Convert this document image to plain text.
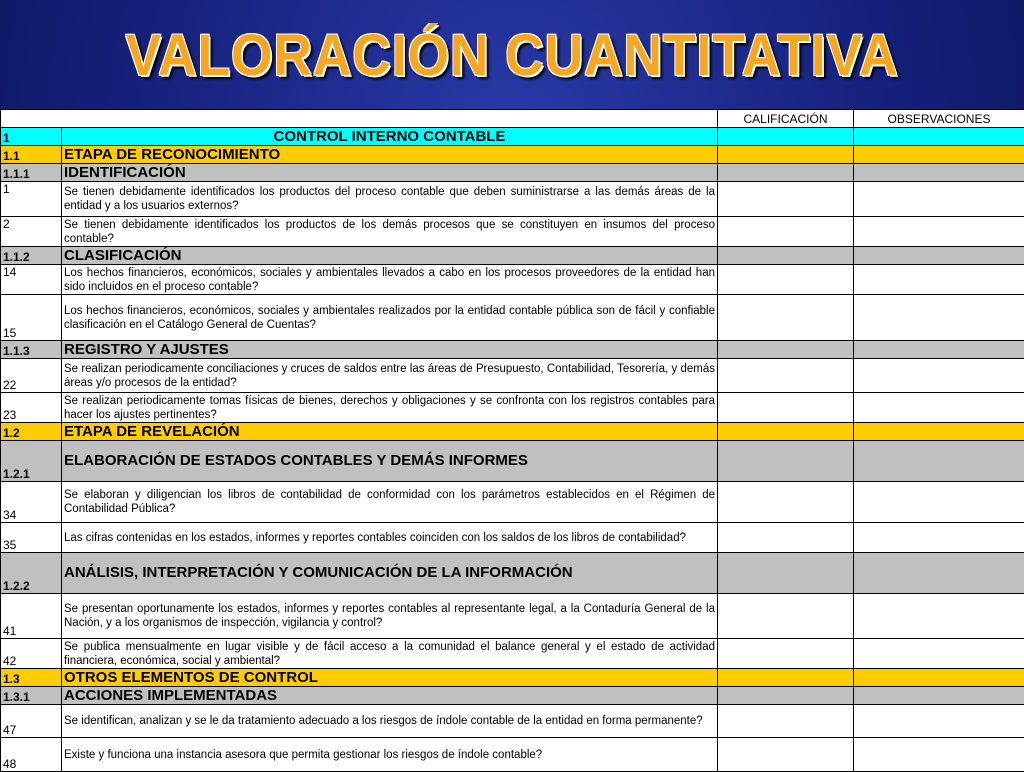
VALORACIÓN CUANTITATIVA
		CALIFICACIÓN	OBSERVACIONES
1	CONTROL INTERNO CONTABLE		
1.1	ETAPA DE RECONOCIMIENTO		
1.1.1	IDENTIFICACIÓN		
1	Se tienen debidamente identificados los productos del proceso contable que deben suministrarse a las demás áreas de la entidad y a los usuarios externos?		
2	Se tienen debidamente identificados los productos de los demás procesos que se constituyen en insumos del proceso contable?		
1.1.2	CLASIFICACIÓN		
14	Los hechos financieros, económicos, sociales y ambientales llevados a cabo en los procesos proveedores de la entidad han sido incluidos en el proceso contable?		
15	Los hechos financieros, económicos, sociales y ambientales realizados por la entidad contable pública son de fácil y confiable clasificación en el Catálogo General de Cuentas?		
1.1.3	REGISTRO Y AJUSTES		
22	Se realizan periodicamente conciliaciones y cruces de saldos entre las áreas de Presupuesto, Contabilidad, Tesorería, y demás áreas y/o procesos de la entidad?		
23	Se realizan periodicamente tomas físicas de bienes, derechos y obligaciones y se confronta con los registros contables para hacer los ajustes pertinentes?		
1.2	ETAPA DE REVELACIÓN		
1.2.1	ELABORACIÓN DE ESTADOS CONTABLES Y DEMÁS INFORMES		
34	Se elaboran y diligencian los libros de contabilidad de conformidad con los parámetros establecidos en el Régimen de Contabilidad Pública?		
35	Las cifras contenidas en los estados, informes y reportes contables coinciden con los saldos de los libros de contabilidad?		
1.2.2	ANÁLISIS, INTERPRETACIÓN Y COMUNICACIÓN DE LA INFORMACIÓN		
41	Se presentan oportunamente los estados, informes y reportes contables al representante legal, a la Contaduría General de la Nación, y a los organismos de inspección, vigilancia y control?		
42	Se publica mensualmente en lugar visible y de fácil acceso a la comunidad el balance general y el estado de actividad financiera, económica, social y ambiental?		
1.3	OTROS ELEMENTOS DE CONTROL		
1.3.1	ACCIONES IMPLEMENTADAS		
47	Se identifican, analizan y se le da tratamiento adecuado a los riesgos de índole contable de la entidad en forma permanente?		
48	Existe y funciona una instancia asesora que permita gestionar los riesgos de índole contable?		
